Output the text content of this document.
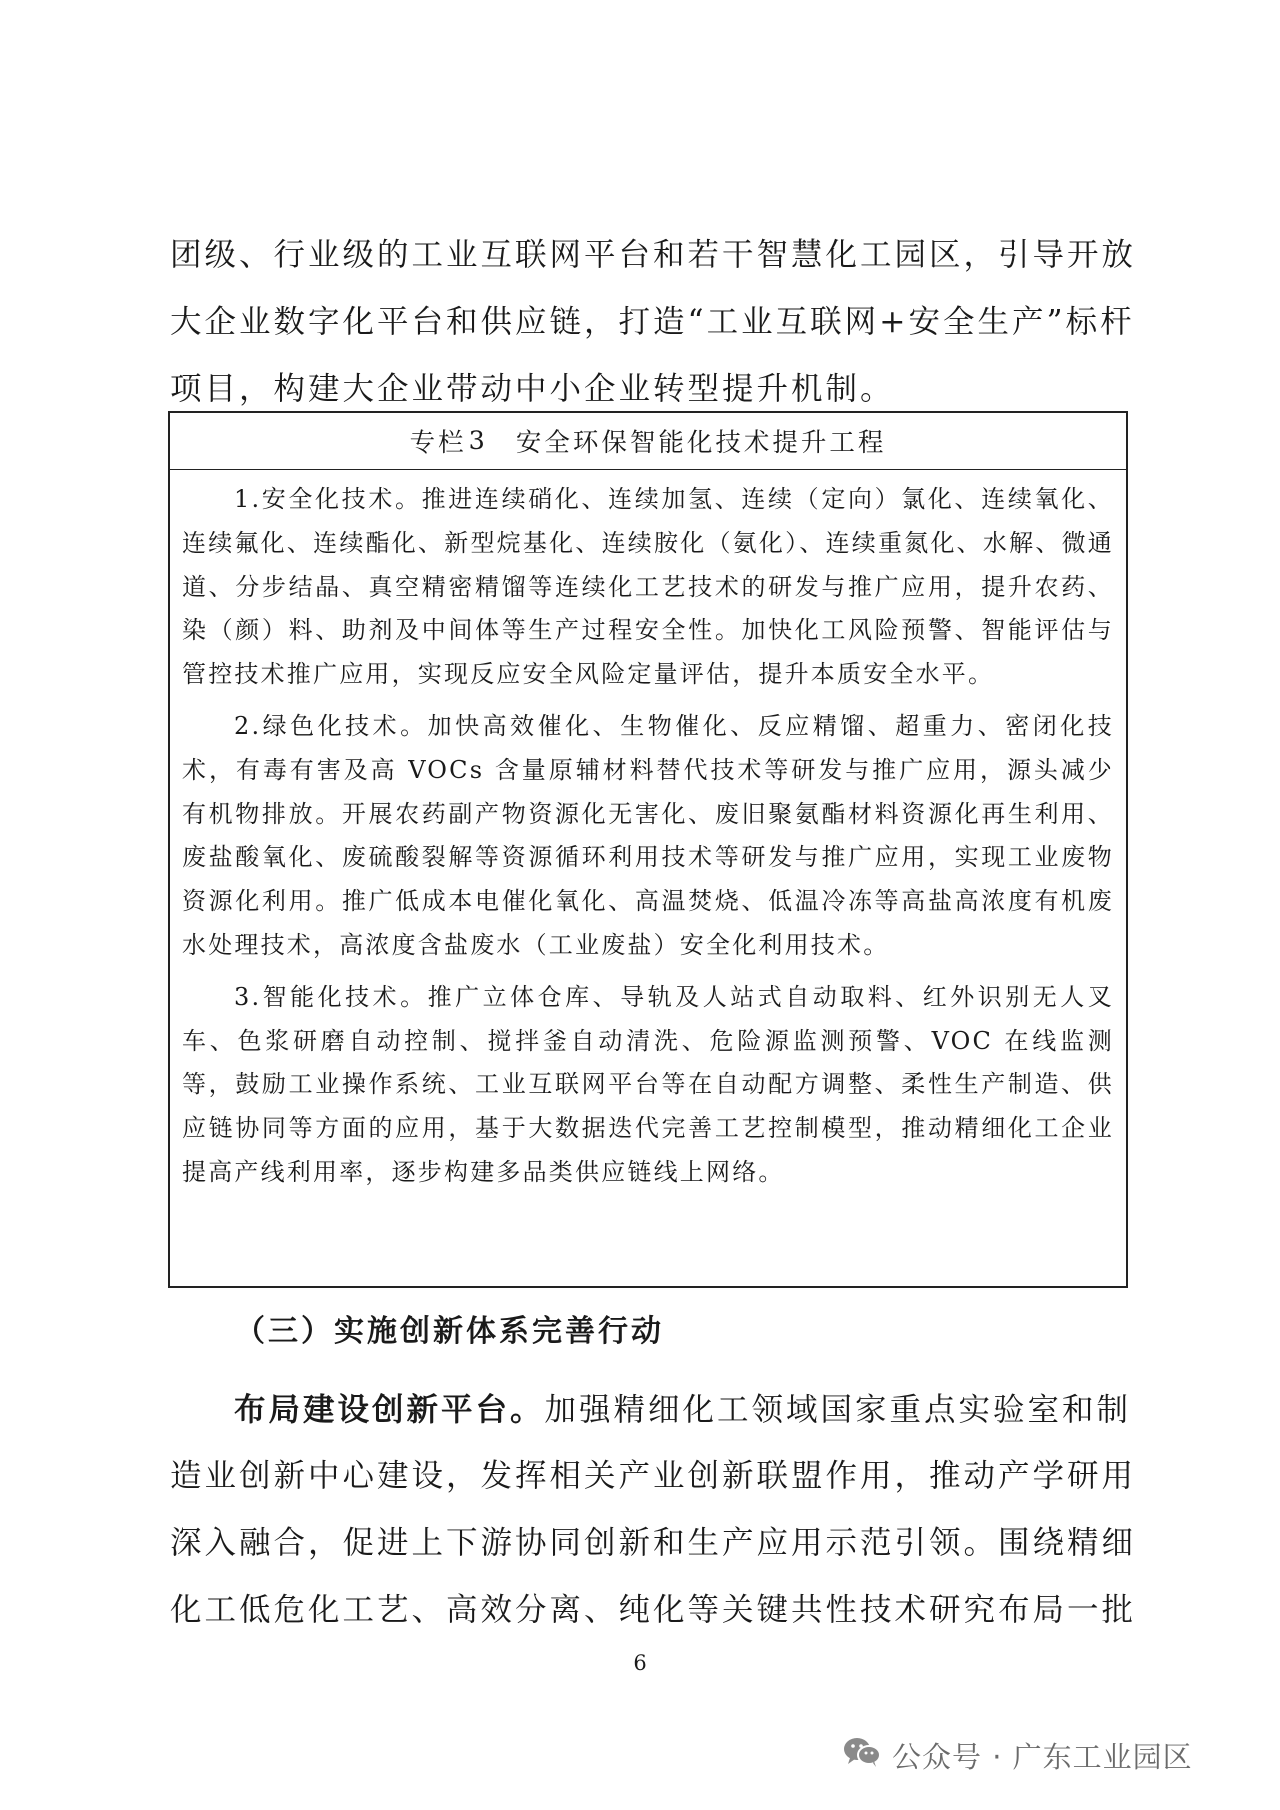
团级、行业级的工业互联网平台和若干智慧化工园区，引导开放

大企业数字化平台和供应链，打造“工业互联网+安全生产”标杆

项目，构建大企业带动中小企业转型提升机制。

专栏 3 安全环保智能化技术提升工程

1.安全化技术。推进连续硝化、连续加氢、连续（定向）氯化、连续氧化、连续氟化、连续酯化、新型烷基化、连续胺化（氨化）、连续重氮化、水解、微通道、分步结晶、真空精密精馏等连续化工艺技术的研发与推广应用，提升农药、染（颜）料、助剂及中间体等生产过程安全性。加快化工风险预警、智能评估与管控技术推广应用，实现反应安全风险定量评估，提升本质安全水平。

2.绿色化技术。加快高效催化、生物催化、反应精馏、超重力、密闭化技术，有毒有害及高 VOCs 含量原辅材料替代技术等研发与推广应用，源头减少有机物排放。开展农药副产物资源化无害化、废旧聚氨酯材料资源化再生利用、废盐酸氧化、废硫酸裂解等资源循环利用技术等研发与推广应用，实现工业废物资源化利用。推广低成本电催化氧化、高温焚烧、低温冷冻等高盐高浓度有机废水处理技术，高浓度含盐废水（工业废盐）安全化利用技术。

3.智能化技术。推广立体仓库、导轨及人站式自动取料、红外识别无人叉车、色浆研磨自动控制、搅拌釜自动清洗、危险源监测预警、VOC 在线监测等，鼓励工业操作系统、工业互联网平台等在自动配方调整、柔性生产制造、供应链协同等方面的应用，基于大数据迭代完善工艺控制模型，推动精细化工企业提高产线利用率，逐步构建多品类供应链线上网络。

（三）实施创新体系完善行动

布局建设创新平台。加强精细化工领域国家重点实验室和制

造业创新中心建设，发挥相关产业创新联盟作用，推动产学研用

深入融合，促进上下游协同创新和生产应用示范引领。围绕精细

化工低危化工艺、高效分离、纯化等关键共性技术研究布局一批

6
公众号 · 广东工业园区
